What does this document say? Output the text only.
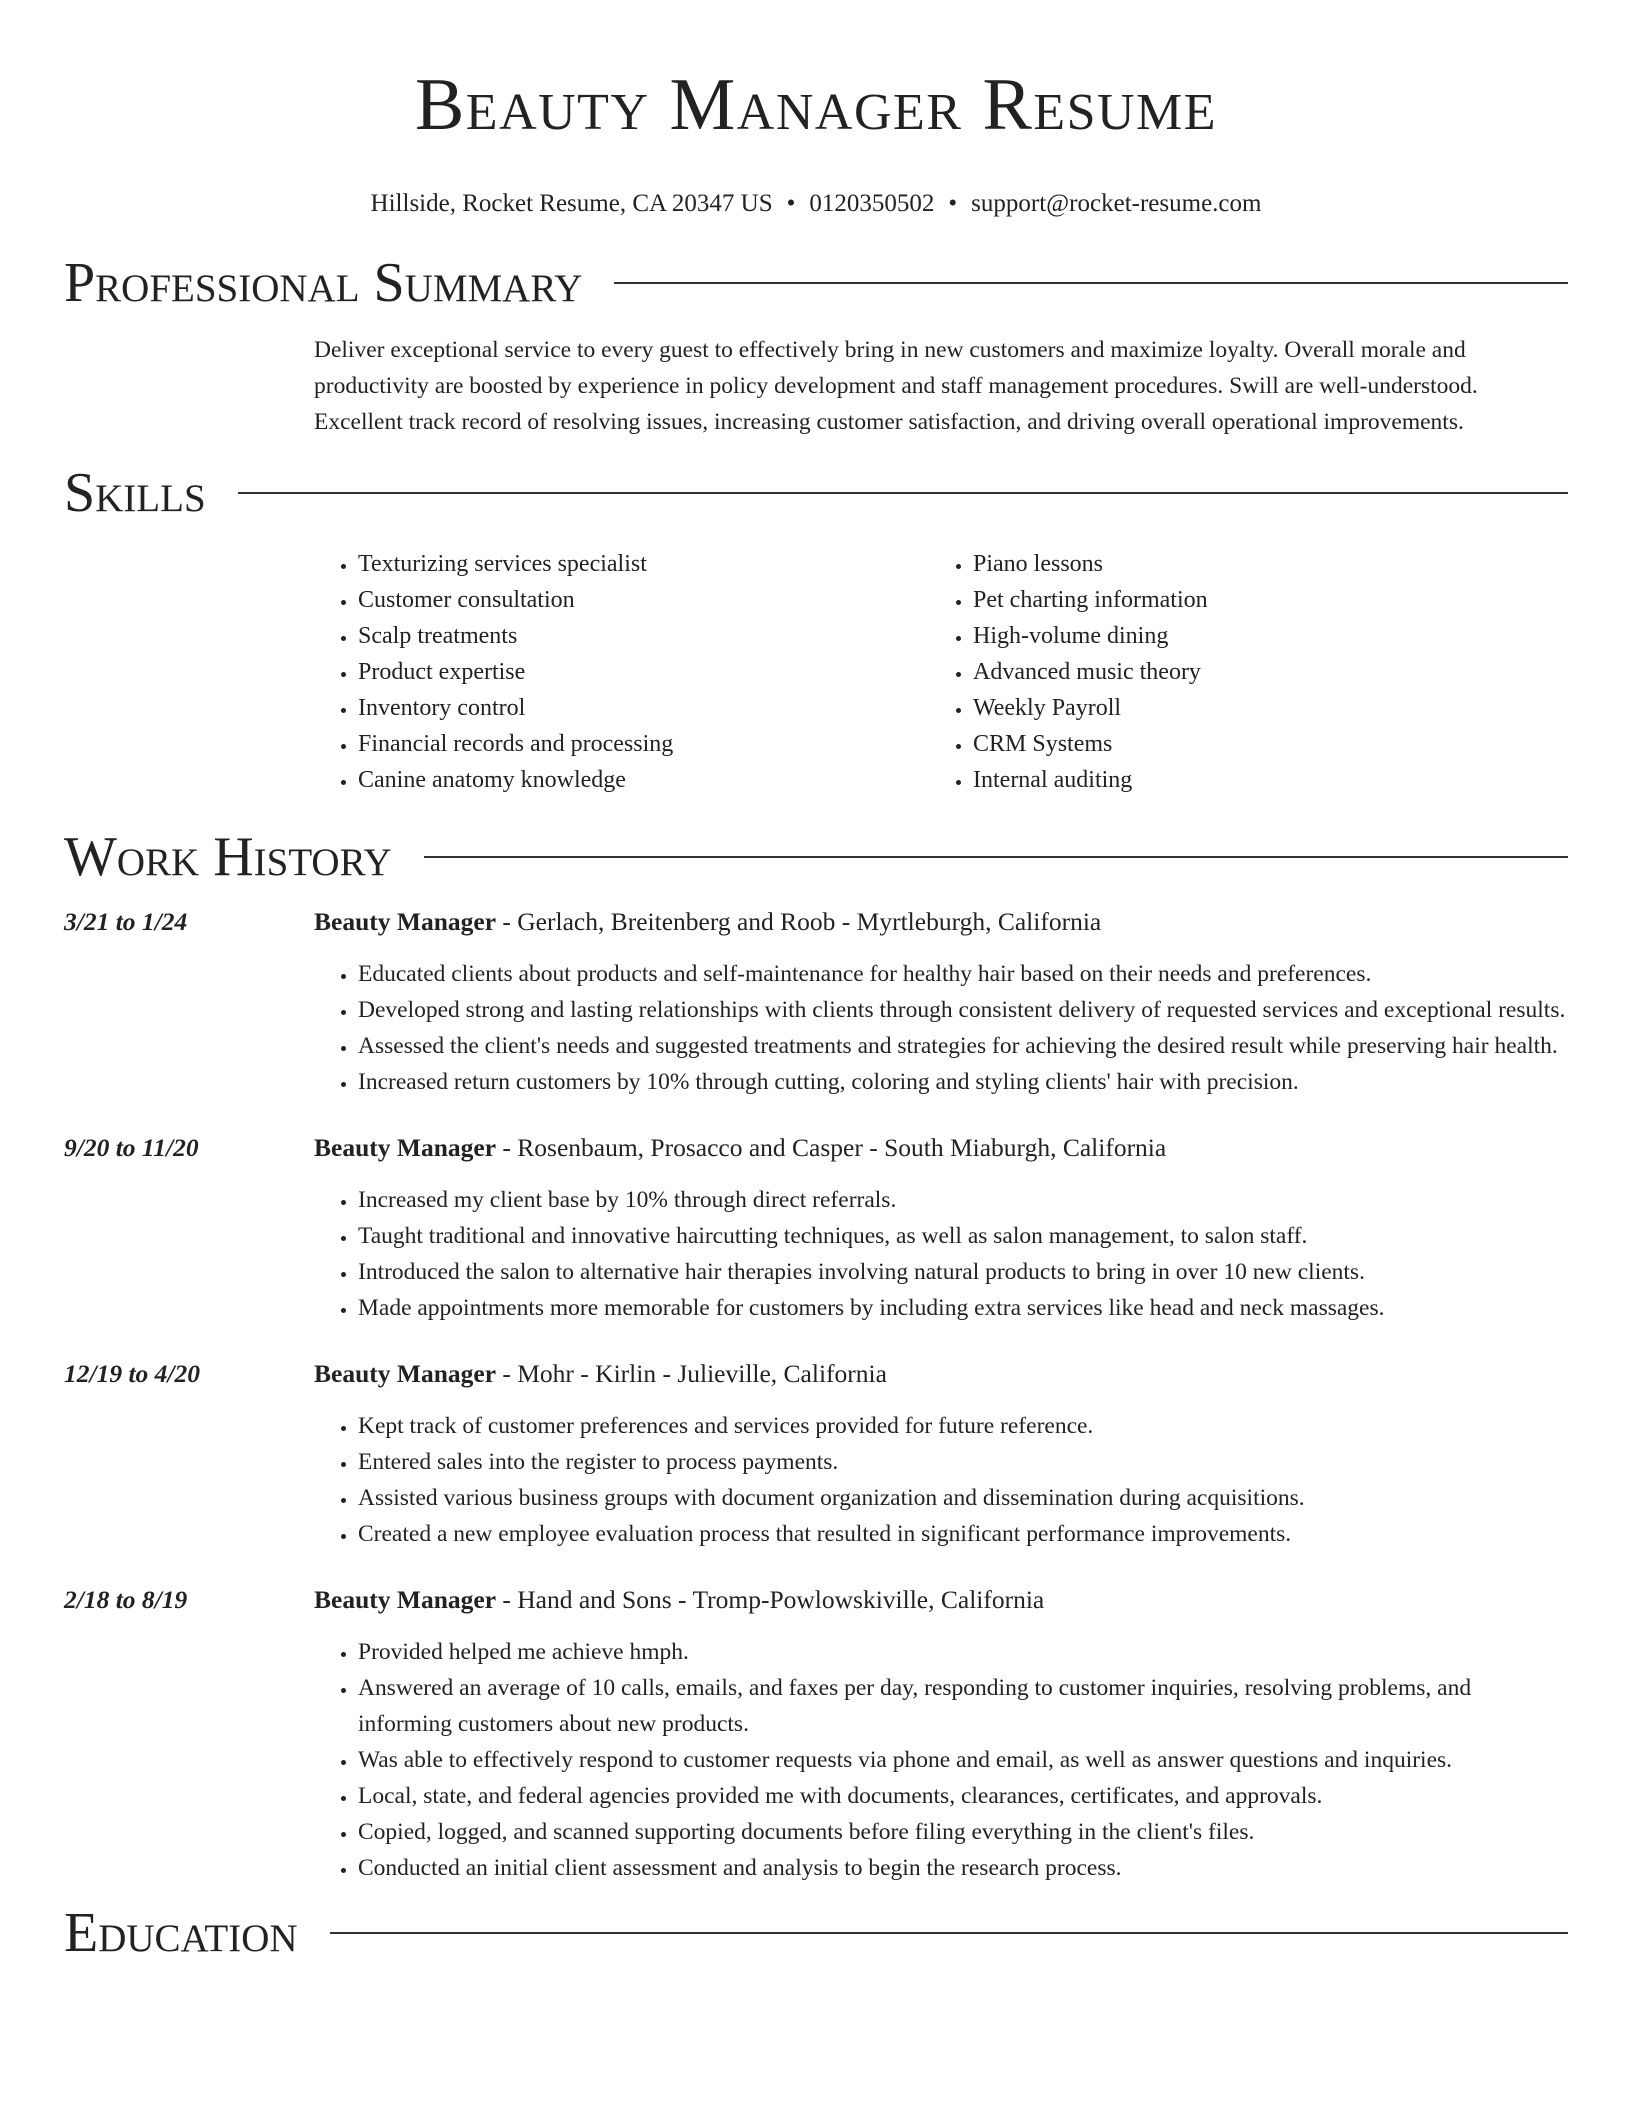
Beauty Manager Resume
Hillside, Rocket Resume, CA 20347 US • 0120350502 • support@rocket-resume.com
Professional Summary
Deliver exceptional service to every guest to effectively bring in new customers and maximize loyalty. Overall morale and productivity are boosted by experience in policy development and staff management procedures. Swill are well-understood. Excellent track record of resolving issues, increasing customer satisfaction, and driving overall operational improvements.
Skills
• Texturizing services specialist
• Customer consultation
• Scalp treatments
• Product expertise
• Inventory control
• Financial records and processing
• Canine anatomy knowledge
• Piano lessons
• Pet charting information
• High-volume dining
• Advanced music theory
• Weekly Payroll
• CRM Systems
• Internal auditing
Work History
3/21 to 1/24	Beauty Manager - Gerlach, Breitenberg and Roob - Myrtleburgh, California
• Educated clients about products and self-maintenance for healthy hair based on their needs and preferences.
• Developed strong and lasting relationships with clients through consistent delivery of requested services and exceptional results.
• Assessed the client's needs and suggested treatments and strategies for achieving the desired result while preserving hair health.
• Increased return customers by 10% through cutting, coloring and styling clients' hair with precision.
9/20 to 11/20	Beauty Manager - Rosenbaum, Prosacco and Casper - South Miaburgh, California
• Increased my client base by 10% through direct referrals.
• Taught traditional and innovative haircutting techniques, as well as salon management, to salon staff.
• Introduced the salon to alternative hair therapies involving natural products to bring in over 10 new clients.
• Made appointments more memorable for customers by including extra services like head and neck massages.
12/19 to 4/20	Beauty Manager - Mohr - Kirlin - Julieville, California
• Kept track of customer preferences and services provided for future reference.
• Entered sales into the register to process payments.
• Assisted various business groups with document organization and dissemination during acquisitions.
• Created a new employee evaluation process that resulted in significant performance improvements.
2/18 to 8/19	Beauty Manager - Hand and Sons - Tromp-Powlowskiville, California
• Provided helped me achieve hmph.
• Answered an average of 10 calls, emails, and faxes per day, responding to customer inquiries, resolving problems, and informing customers about new products.
• Was able to effectively respond to customer requests via phone and email, as well as answer questions and inquiries.
• Local, state, and federal agencies provided me with documents, clearances, certificates, and approvals.
• Copied, logged, and scanned supporting documents before filing everything in the client's files.
• Conducted an initial client assessment and analysis to begin the research process.
Education
